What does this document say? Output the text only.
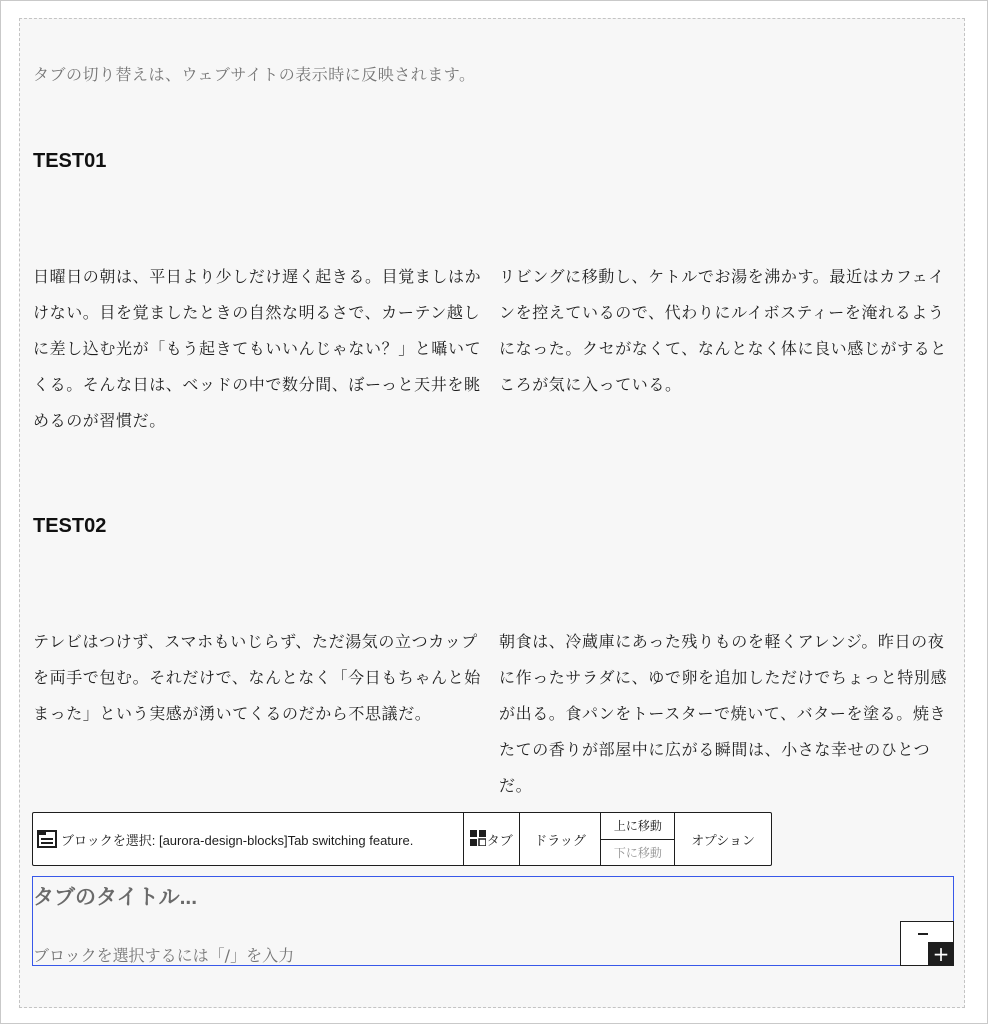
タブの切り替えは、ウェブサイトの表示時に反映されます。
TEST01
日曜日の朝は、平日より少しだけ遅く起きる。目覚ましはかけない。目を覚ましたときの自然な明るさで、カーテン越しに差し込む光が「もう起きてもいいんじゃない？」と囁いてくる。そんな日は、ベッドの中で数分間、ぼーっと天井を眺めるのが習慣だ。
リビングに移動し、ケトルでお湯を沸かす。最近はカフェインを控えているので、代わりにルイボスティーを淹れるようになった。クセがなくて、なんとなく体に良い感じがするところが気に入っている。
TEST02
テレビはつけず、スマホもいじらず、ただ湯気の立つカップを両手で包む。それだけで、なんとなく「今日もちゃんと始まった」という実感が湧いてくるのだから不思議だ。
朝食は、冷蔵庫にあった残りものを軽くアレンジ。昨日の夜に作ったサラダに、ゆで卵を追加しただけでちょっと特別感が出る。食パンをトースターで焼いて、バターを塗る。焼きたての香りが部屋中に広がる瞬間は、小さな幸せのひとつだ。
ブロックを選択: [aurora-design-blocks]Tab switching feature.	タブ	ドラッグ
上に移動
下に移動
オプション
タブのタイトル...
ブロックを選択するには「/」を入力	+
